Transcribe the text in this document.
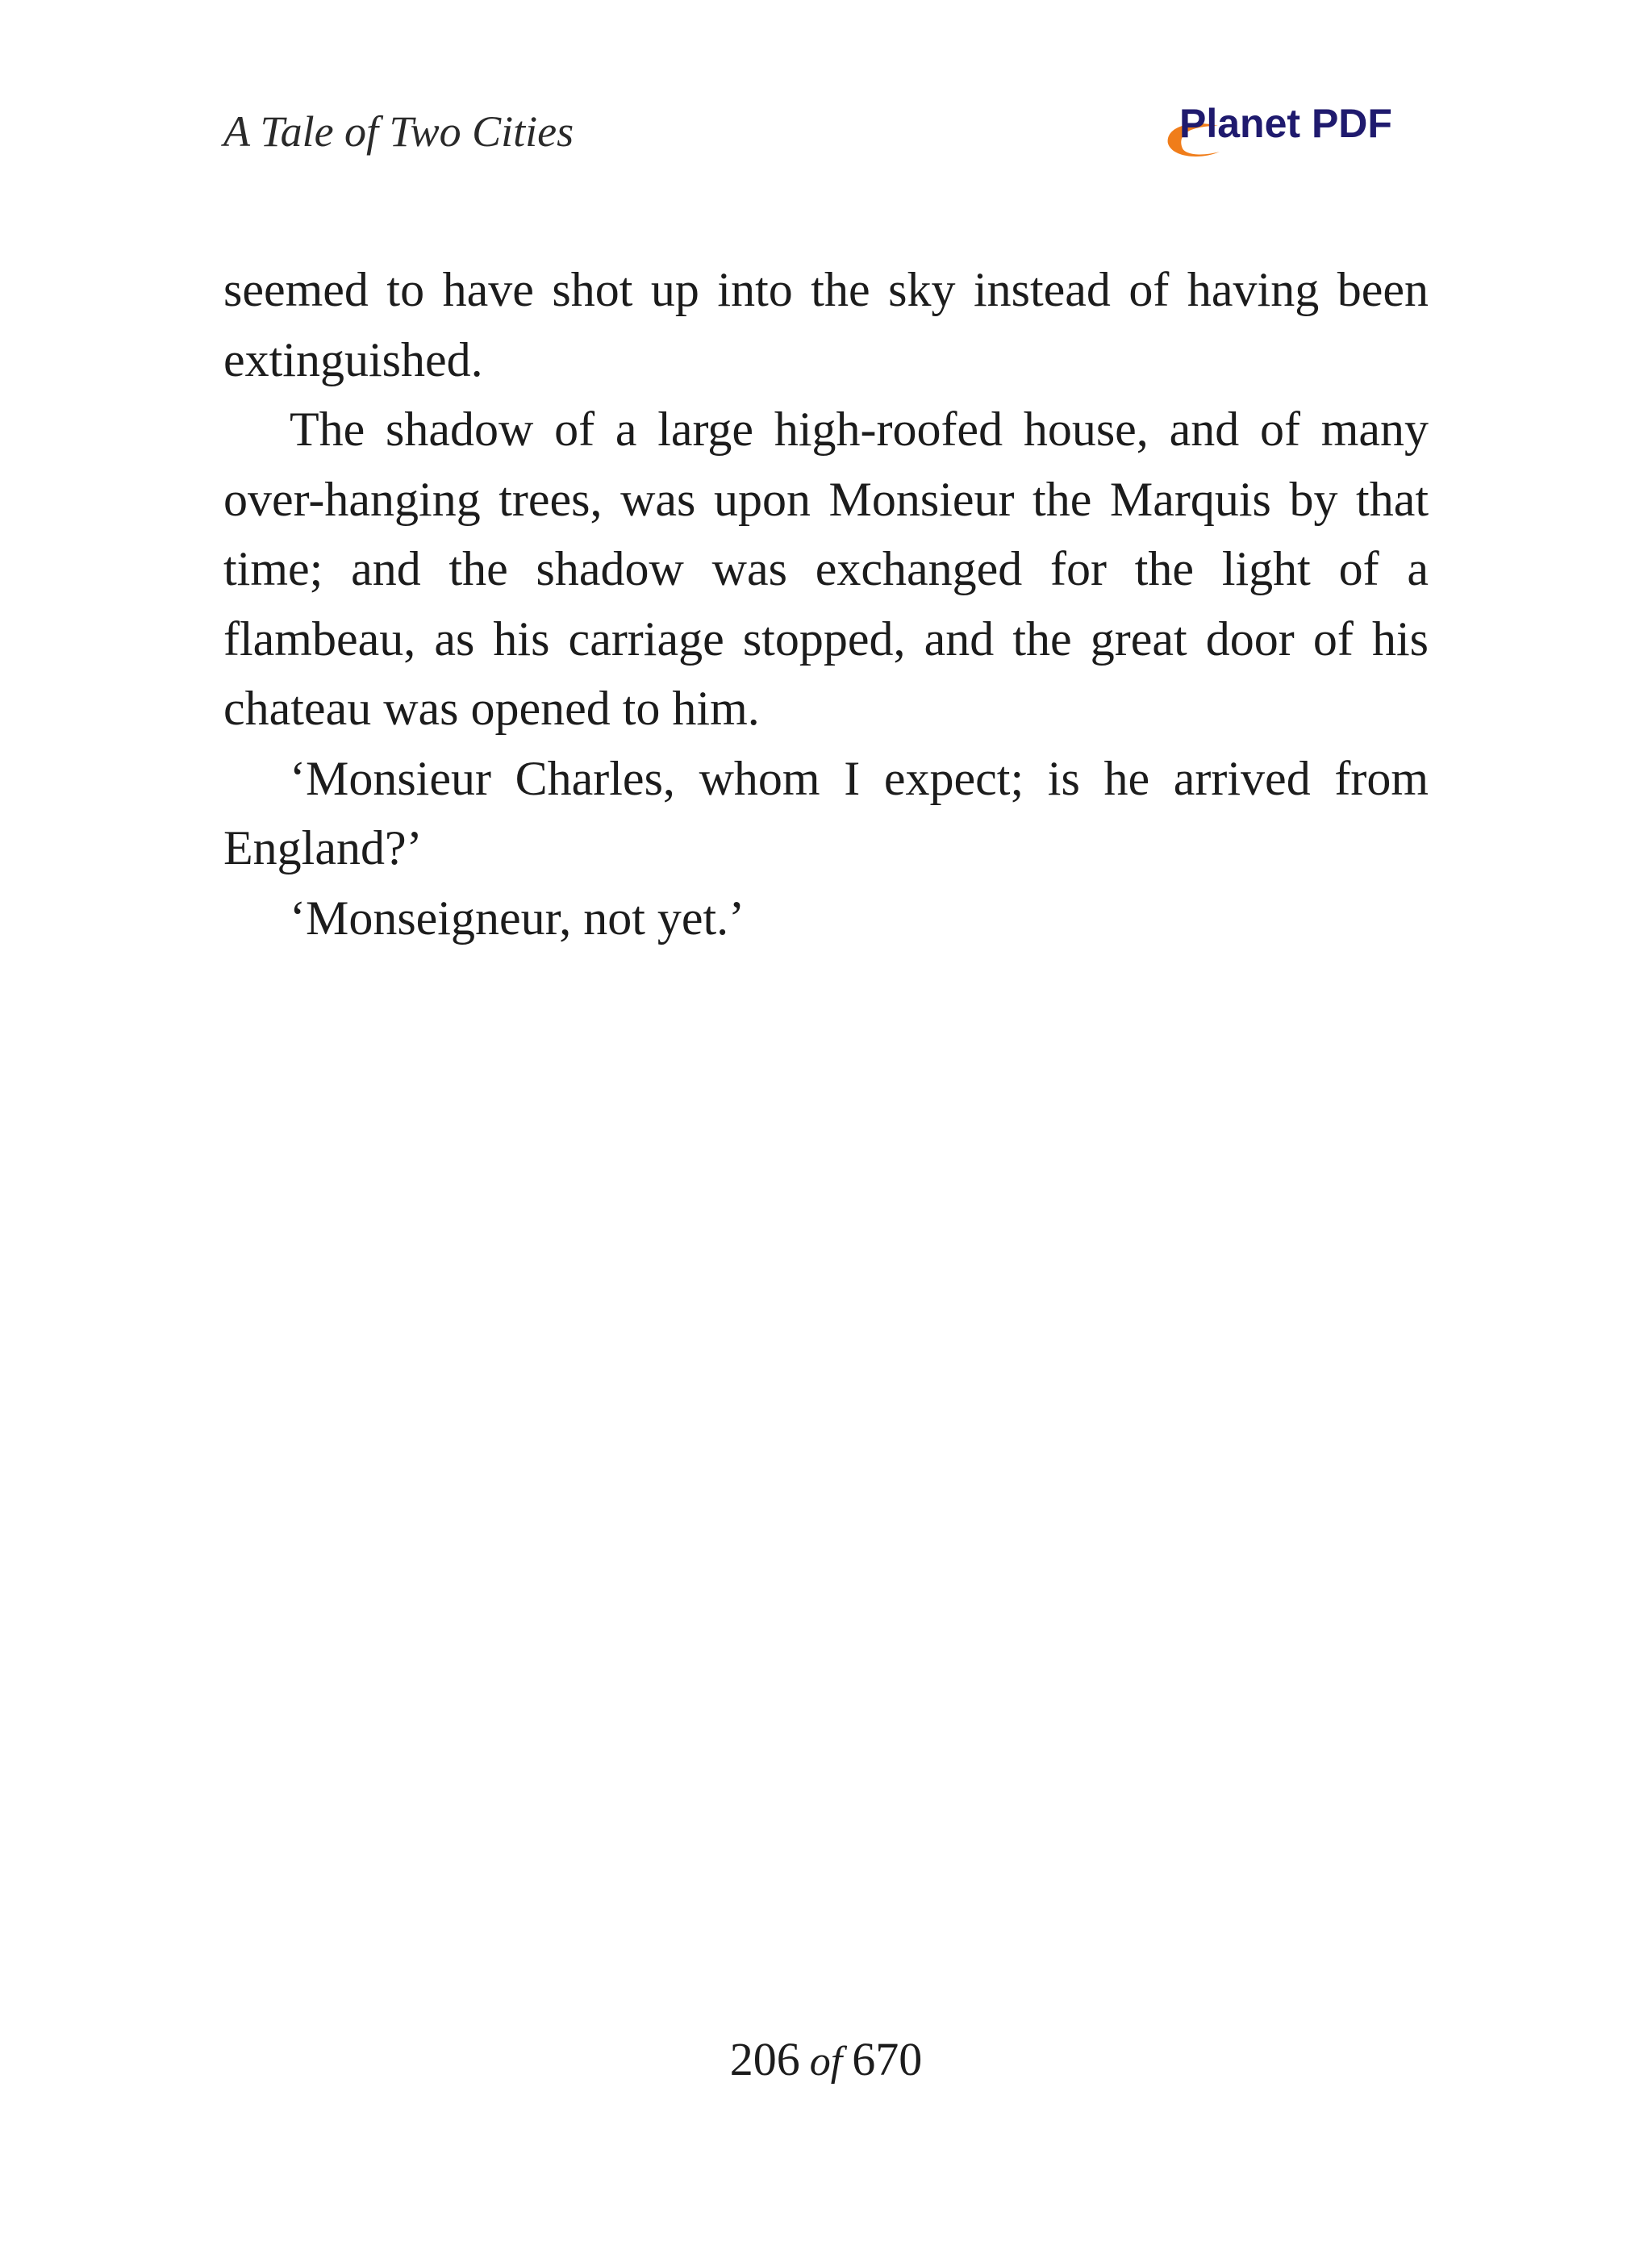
A Tale of Two Cities	Planet PDF

seemed to have shot up into the sky instead of having been extinguished.

The shadow of a large high-roofed house, and of many over-hanging trees, was upon Monsieur the Marquis by that time; and the shadow was exchanged for the light of a flambeau, as his carriage stopped, and the great door of his chateau was opened to him.

‘Monsieur Charles, whom I expect; is he arrived from England?’

‘Monseigneur, not yet.’

206 of 670
